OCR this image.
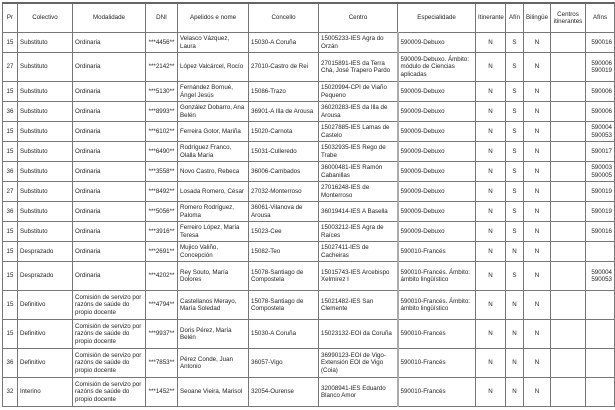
Pr	Colectivo	Modalidade	DNI	Apelidos e nome	Concello	Centro	Especialidade	Itinerante	Afín	Bilingüe	Centros itinerantes	Afíns
15	Substituto	Ordinaria	***4456**	Velasco Vázquez, Laura	15030-A Coruña	15005233-IES Agra do Orzán	590009-Debuxo	N	S	N		590016
27	Substituto	Ordinaria	***2142**	López Valcárcel, Rocío	27010-Castro de Rei	27015891-IES da Terra Chá, José Trapero Pardo	590009-Debuxo. Ámbito: módulo de Ciencias aplicadas	N	S	N		590006 590019
15	Substituto	Ordinaria	***5130**	Fernández Bornué, Ángel Jesús	15086-Trazo	15020994-CPI de Viaño Pequeno	590009-Debuxo	N	S	N		590006
36	Substituto	Ordinaria	***8993**	González Dobarro, Ana Belén	36901-A Illa de Arousa	36020283-IES da Illa de Arousa	590009-Debuxo	N	S	N		590006
15	Substituto	Ordinaria	***6102**	Ferreira Gotor, Mariña	15020-Carnota	15027885-IES Lamas de Castelo	590009-Debuxo	N	S	N		590004 590053
15	Substituto	Ordinaria	***6490**	Rodríguez Franco, Olalla María	15031-Culleredo	15032935-IES Rego de Trabe	590009-Debuxo	N	S	N		590017
36	Substituto	Ordinaria	***3558**	Novo Castro, Rebeca	36006-Cambados	36000481-IES Ramón Cabanillas	590009-Debuxo	N	S	N		590003 590005
27	Substituto	Ordinaria	***8492**	Losada Romero, César	27032-Monterroso	27016248-IES de Monterroso	590009-Debuxo	N	S	N		590019
36	Substituto	Ordinaria	***5056**	Romero Rodríguez, Paloma	36061-Vilanova de Arousa	36019414-IES A Basella	590009-Debuxo	N	S	N		590019
15	Substituto	Ordinaria	***3916**	Ferreiro López, María Teresa	15023-Cee	15003212-IES Agra de Raíces	590009-Debuxo	N	S	N		590016
15	Desprazado	Ordinaria	***2691**	Mujico Valiño, Concepción	15082-Teo	15027411-IES de Cacheiras	590010-Francés	N	N	N		
15	Desprazado	Ordinaria	***4202**	Rey Souto, María Dolores	15078-Santiago de Compostela	15015743-IES Arcebispo Xelmírez I	590010-Francés. Ámbito: ámbito lingüístico	N	S	N		590004 590053
15	Definitivo	Comisión de servizo por razóns de saúde do propio docente	***4794**	Castellanos Merayo, María Soledad	15078-Santiago de Compostela	15021482-IES San Clemente	590010-Francés. Ámbito: ámbito lingüístico	N	N	N		
15	Definitivo	Comisión de servizo por razóns de saúde do propio docente	***9937**	Doris Pérez, María Belén	15030-A Coruña	15023132-EOI da Coruña	590010-Francés	N	N	N		
36	Definitivo	Comisión de servizo por razóns de saúde do propio docente	***7853**	Pérez Conde, Juan Antonio	36057-Vigo	36990123-EOI de Vigo-Extensión EOI de Vigo (Coia)	590010-Francés	N	N	N		
32	Interino	Comisión de servizo por razóns de saúde do propio docente	***1452**	Seoane Vieira, Marisol	32054-Ourense	32008941-IES Eduardo Blanco Amor	590010-Francés	N	N	N		
